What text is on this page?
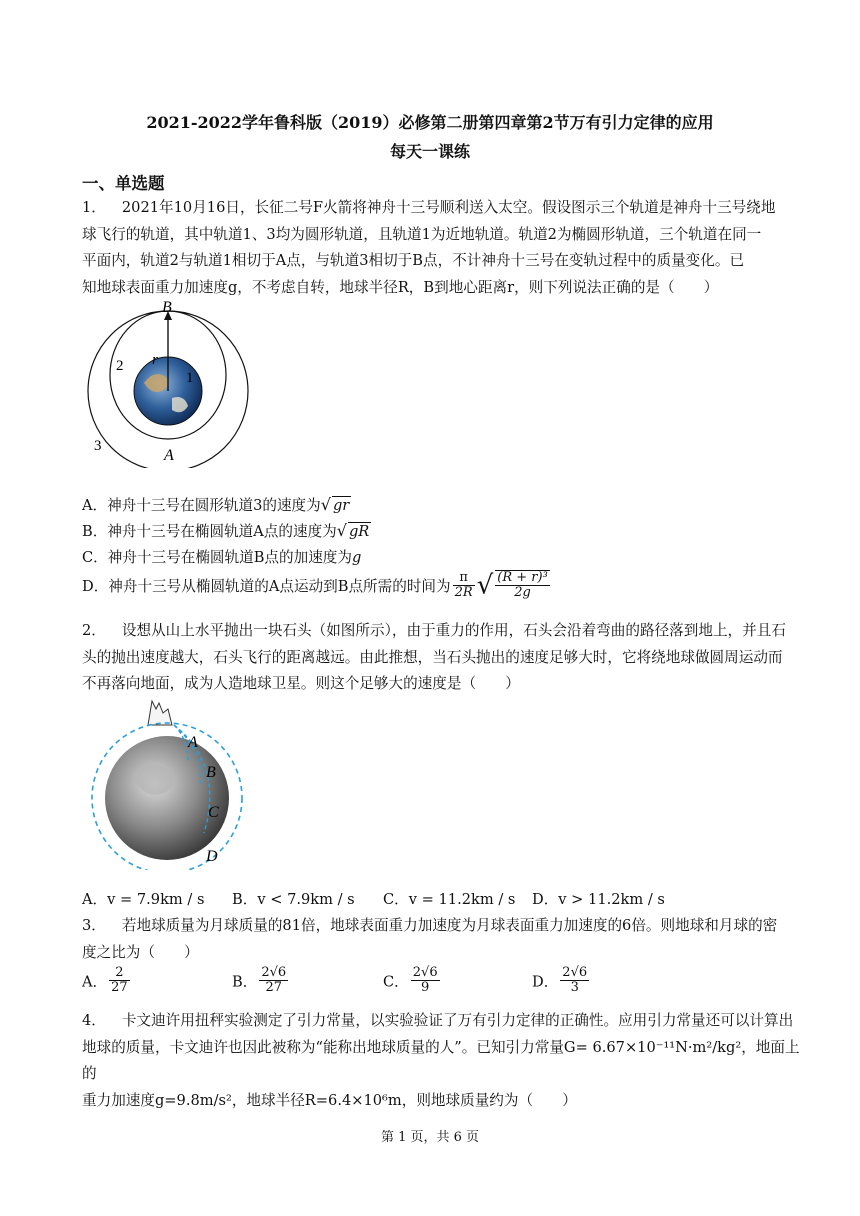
2021-2022学年鲁科版（2019）必修第二册第四章第2节万有引力定律的应用
每天一课练
一、单选题
1． 2021年10月16日，长征二号F火箭将神舟十三号顺利送入太空。假设图示三个轨道是神舟十三号绕地
球飞行的轨道，其中轨道1、3均为圆形轨道，且轨道1为近地轨道。轨道2为椭圆形轨道，三个轨道在同一
平面内，轨道2与轨道1相切于A点，与轨道3相切于B点，不计神舟十三号在变轨过程中的质量变化。已
知地球表面重力加速度g，不考虑自转，地球半径R，B到地心距离r，则下列说法正确的是（　　）
B
A
r
1
2
3
A．神舟十三号在圆形轨道3的速度为√ gr
B．神舟十三号在椭圆轨道A点的速度为√ gR
C．神舟十三号在椭圆轨道B点的加速度为g
D．神舟十三号从椭圆轨道的A点运动到B点所需的时间为 $\frac{\pi}{2R}$ √ $\frac{\text{(R + r)³}}{2g}$
2． 设想从山上水平抛出一块石头（如图所示），由于重力的作用，石头会沿着弯曲的路径落到地上，并且石
头的抛出速度越大，石头飞行的距离越远。由此推想，当石头抛出的速度足够大时，它将绕地球做圆周运动而
不再落向地面，成为人造地球卫星。则这个足够大的速度是（　　）
A
B
C
D
A．v = 7.9km / s B．v < 7.9km / s C．v = 11.2km / s D．v > 11.2km / s
3． 若地球质量为月球质量的81倍，地球表面重力加速度为月球表面重力加速度的6倍。则地球和月球的密
度之比为（　　）
A． $\frac{2}{27}$	B． $\frac{2√6}{27}$	C． $\frac{2√6}{9}$	D． $\frac{2√6}{3}$
4． 卡文迪许用扭秤实验测定了引力常量，以实验验证了万有引力定律的正确性。应用引力常量还可以计算出
地球的质量，卡文迪许也因此被称为“能称出地球质量的人”。已知引力常量G= 6.67×10⁻¹¹N·m²/kg²，地面上的
重力加速度g=9.8m/s²，地球半径R=6.4×10⁶m，则地球质量约为（　　）
第 1 页，共 6 页
